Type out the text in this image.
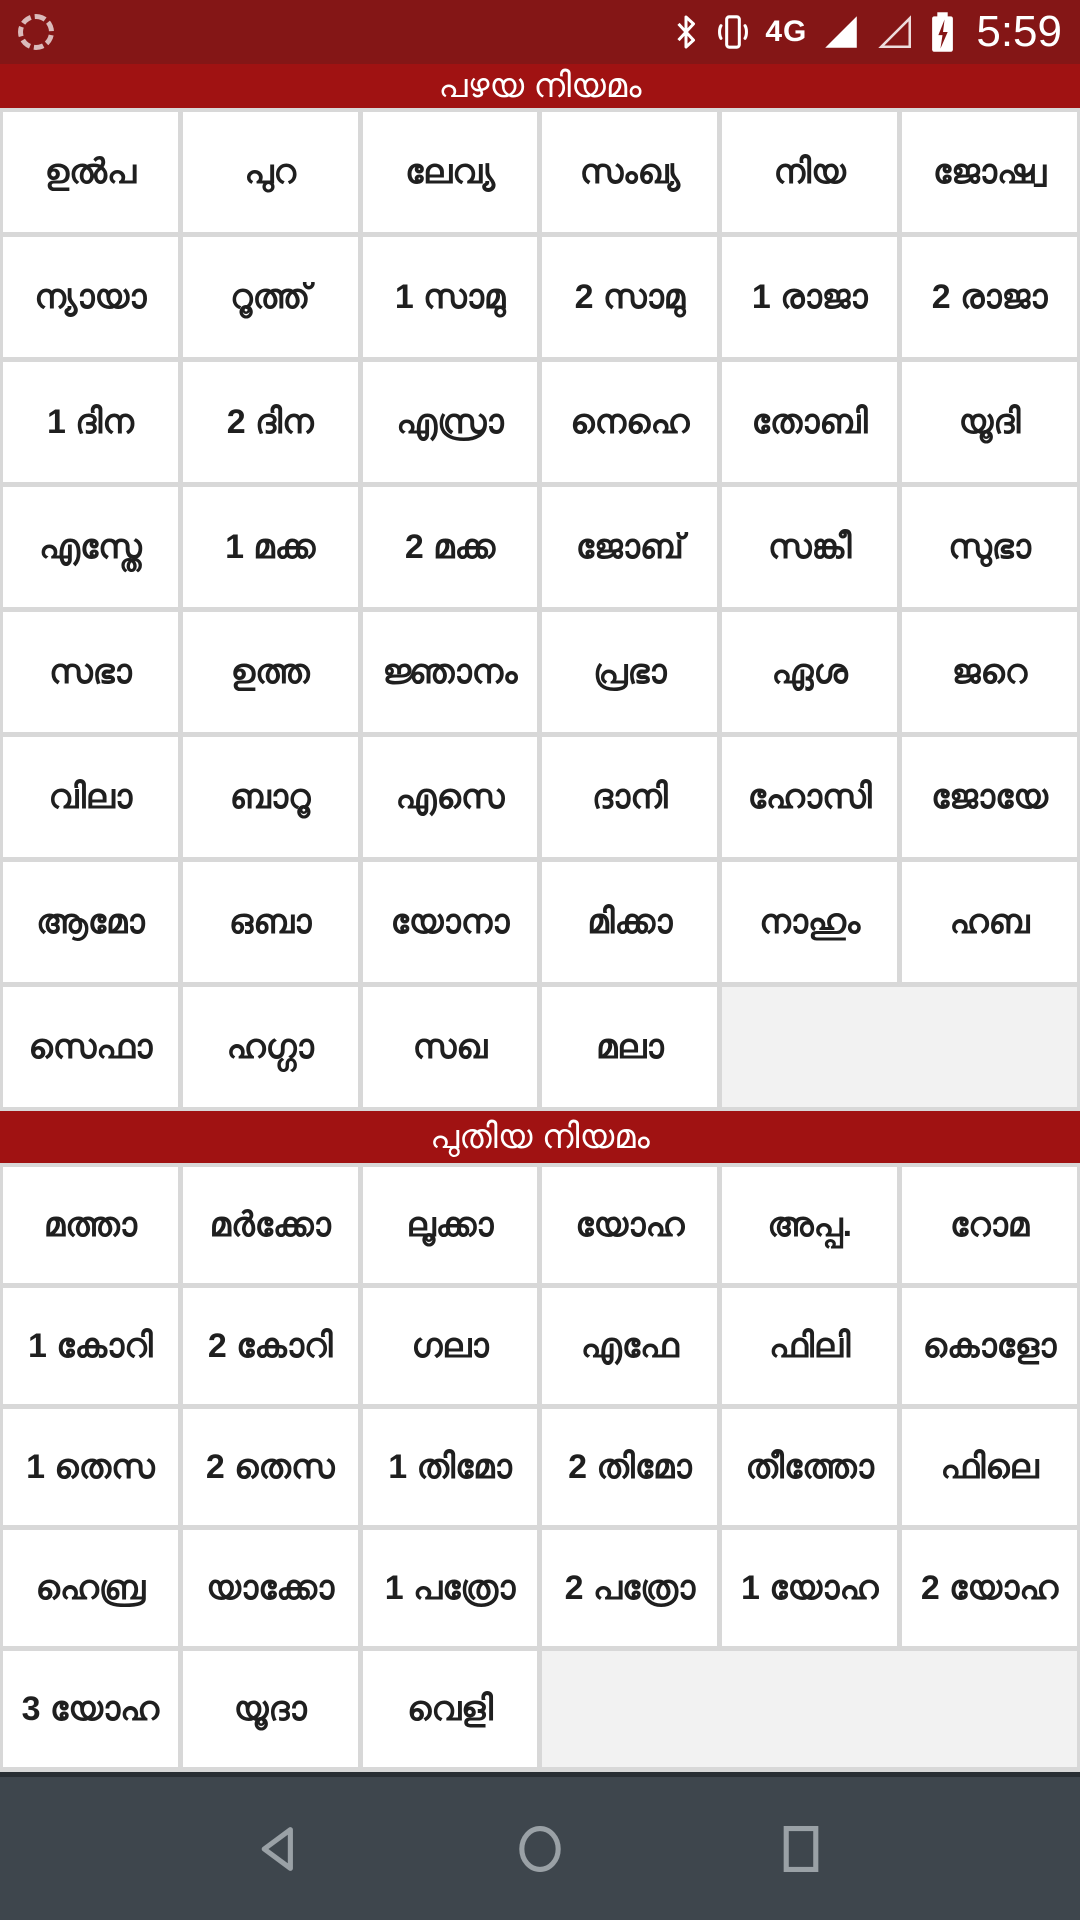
4G	5:59
പഴയ നിയമം
ഉൽപ	പുറ	ലേവ്യ	സംഖ്യ	നിയ	ജോഷ്വ
ന്യായാ	റൂത്ത്	1 സാമു	2 സാമു	1 രാജാ	2 രാജാ
1 ദിന	2 ദിന	എസ്രാ	നെഹെ	തോബി	യൂദി
എസ്തേ	1 മക്ക	2 മക്ക	ജോബ്	സങ്കീ	സുഭാ
സഭാ	ഉത്ത	ജ്ഞാനം	പ്രഭാ	ഏശ	ജറെ
വിലാ	ബാറൂ	എസെ	ദാനി	ഹോസി	ജോയേ
ആമോ	ഒബാ	യോനാ	മിക്കാ	നാഹും	ഹബ
സെഫാ	ഹഗ്ഗാ	സഖ	മലാ
പുതിയ നിയമം
മത്താ	മർക്കോ	ലൂക്കാ	യോഹ	അപ്പ.	റോമ
1 കോറി	2 കോറി	ഗലാ	എഫേ	ഫിലി	കൊളോ
1 തെസ	2 തെസ	1 തിമോ	2 തിമോ	തീത്തോ	ഫിലെ
ഹെബ്ര	യാക്കോ	1 പത്രോ	2 പത്രോ	1 യോഹ	2 യോഹ
3 യോഹ	യൂദാ	വെളി
